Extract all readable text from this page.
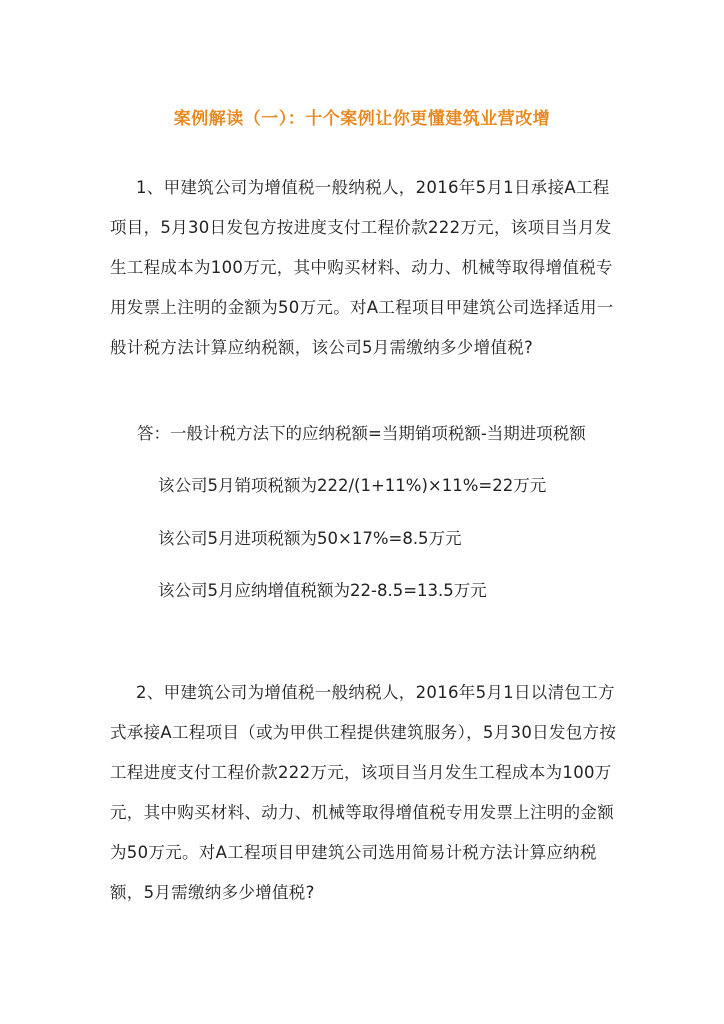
案例解读（一）：十个案例让你更懂建筑业营改增
1、甲建筑公司为增值税一般纳税人，2016年5月1日承接A工程项目，5月30日发包方按进度支付工程价款222万元，该项目当月发生工程成本为100万元，其中购买材料、动力、机械等取得增值税专用发票上注明的金额为50万元。对A工程项目甲建筑公司选择适用一般计税方法计算应纳税额，该公司5月需缴纳多少增值税?
答：一般计税方法下的应纳税额=当期销项税额-当期进项税额
该公司5月销项税额为222/(1+11%)×11%=22万元
该公司5月进项税额为50×17%=8.5万元
该公司5月应纳增值税额为22-8.5=13.5万元
2、甲建筑公司为增值税一般纳税人，2016年5月1日以清包工方式承接A工程项目（或为甲供工程提供建筑服务），5月30日发包方按工程进度支付工程价款222万元，该项目当月发生工程成本为100万元，其中购买材料、动力、机械等取得增值税专用发票上注明的金额为50万元。对A工程项目甲建筑公司选用简易计税方法计算应纳税额，5月需缴纳多少增值税?
